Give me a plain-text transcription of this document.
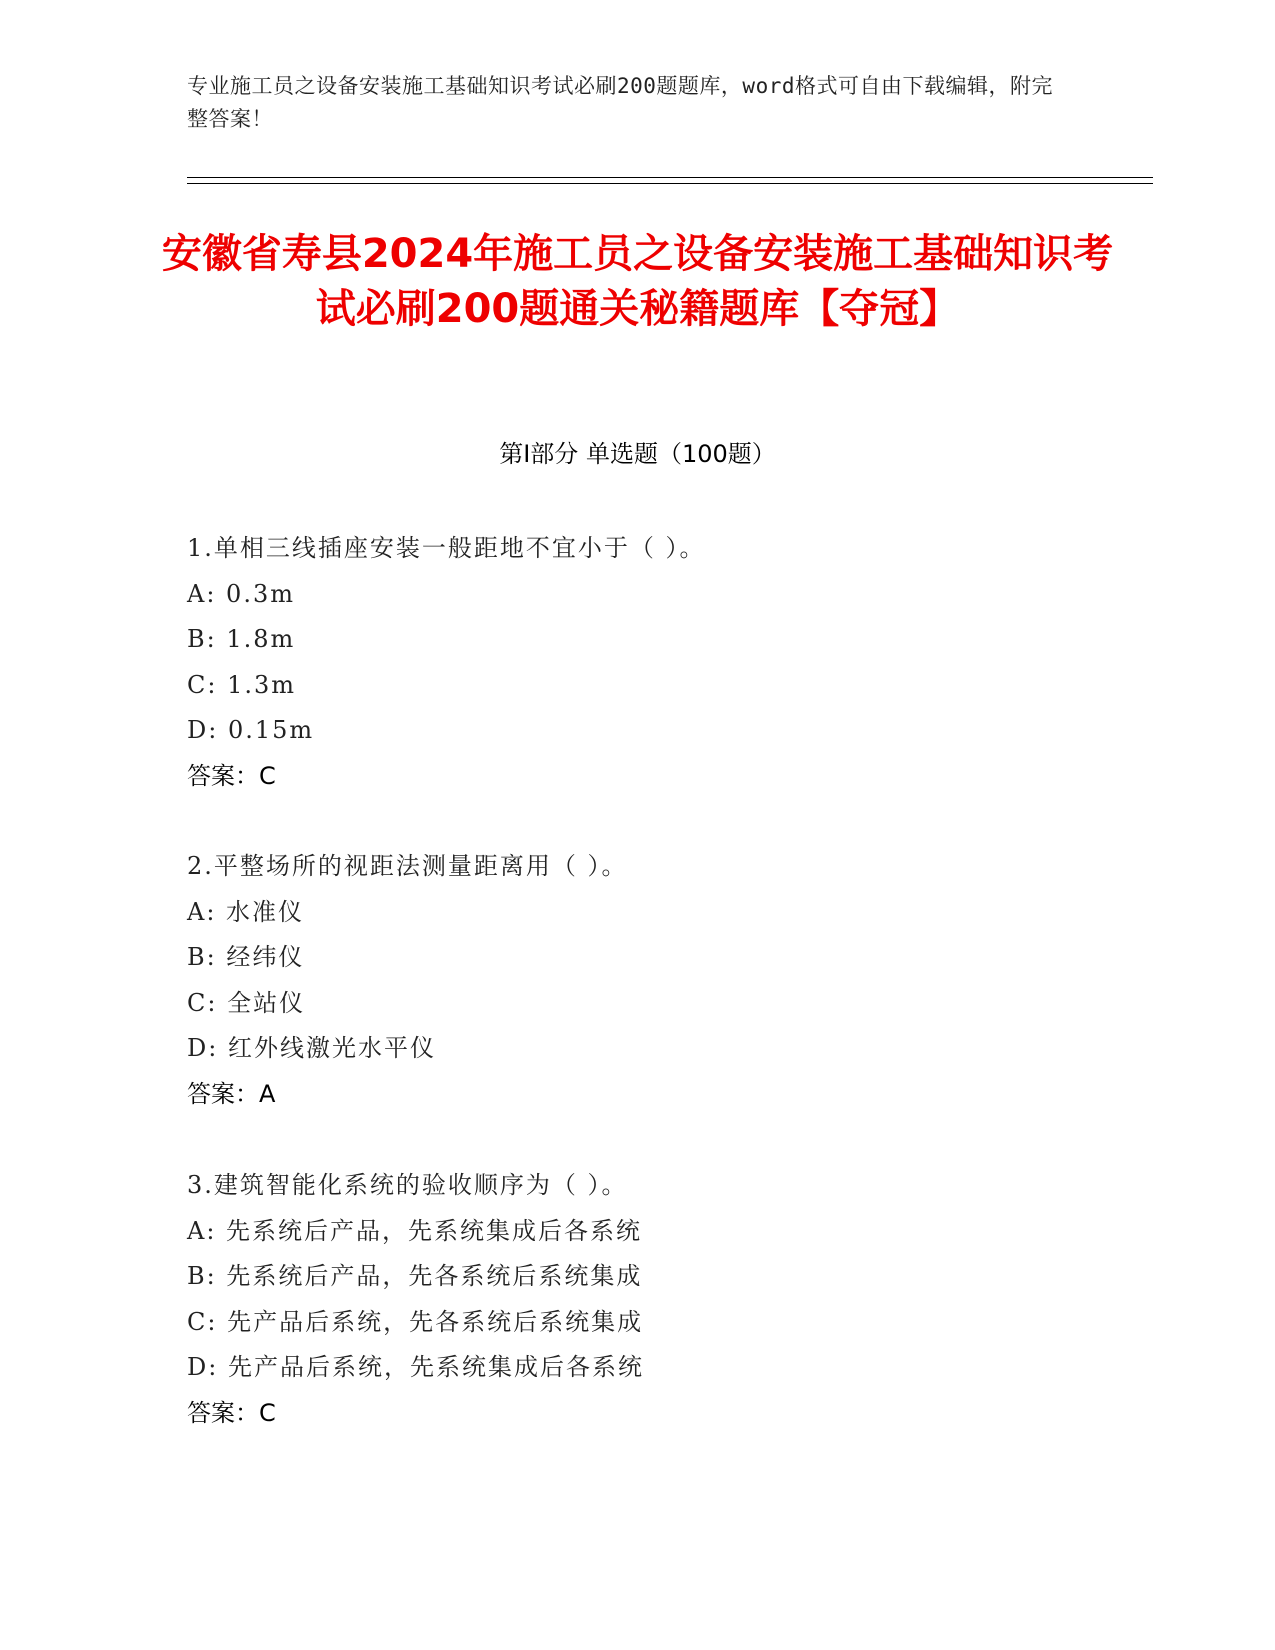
专业施工员之设备安装施工基础知识考试必刷200题题库，word格式可自由下载编辑，附完整答案！
安徽省寿县2024年施工员之设备安装施工基础知识考试必刷200题通关秘籍题库【夺冠】
第I部分 单选题（100题）
1.单相三线插座安装一般距地不宜小于（ ）。
A: 0.3m
B: 1.8m
C: 1.3m
D: 0.15m
答案：C
2.平整场所的视距法测量距离用（ ）。
A: 水准仪
B: 经纬仪
C: 全站仪
D: 红外线激光水平仪
答案：A
3.建筑智能化系统的验收顺序为（ ）。
A: 先系统后产品，先系统集成后各系统
B: 先系统后产品，先各系统后系统集成
C: 先产品后系统，先各系统后系统集成
D: 先产品后系统，先系统集成后各系统
答案：C
